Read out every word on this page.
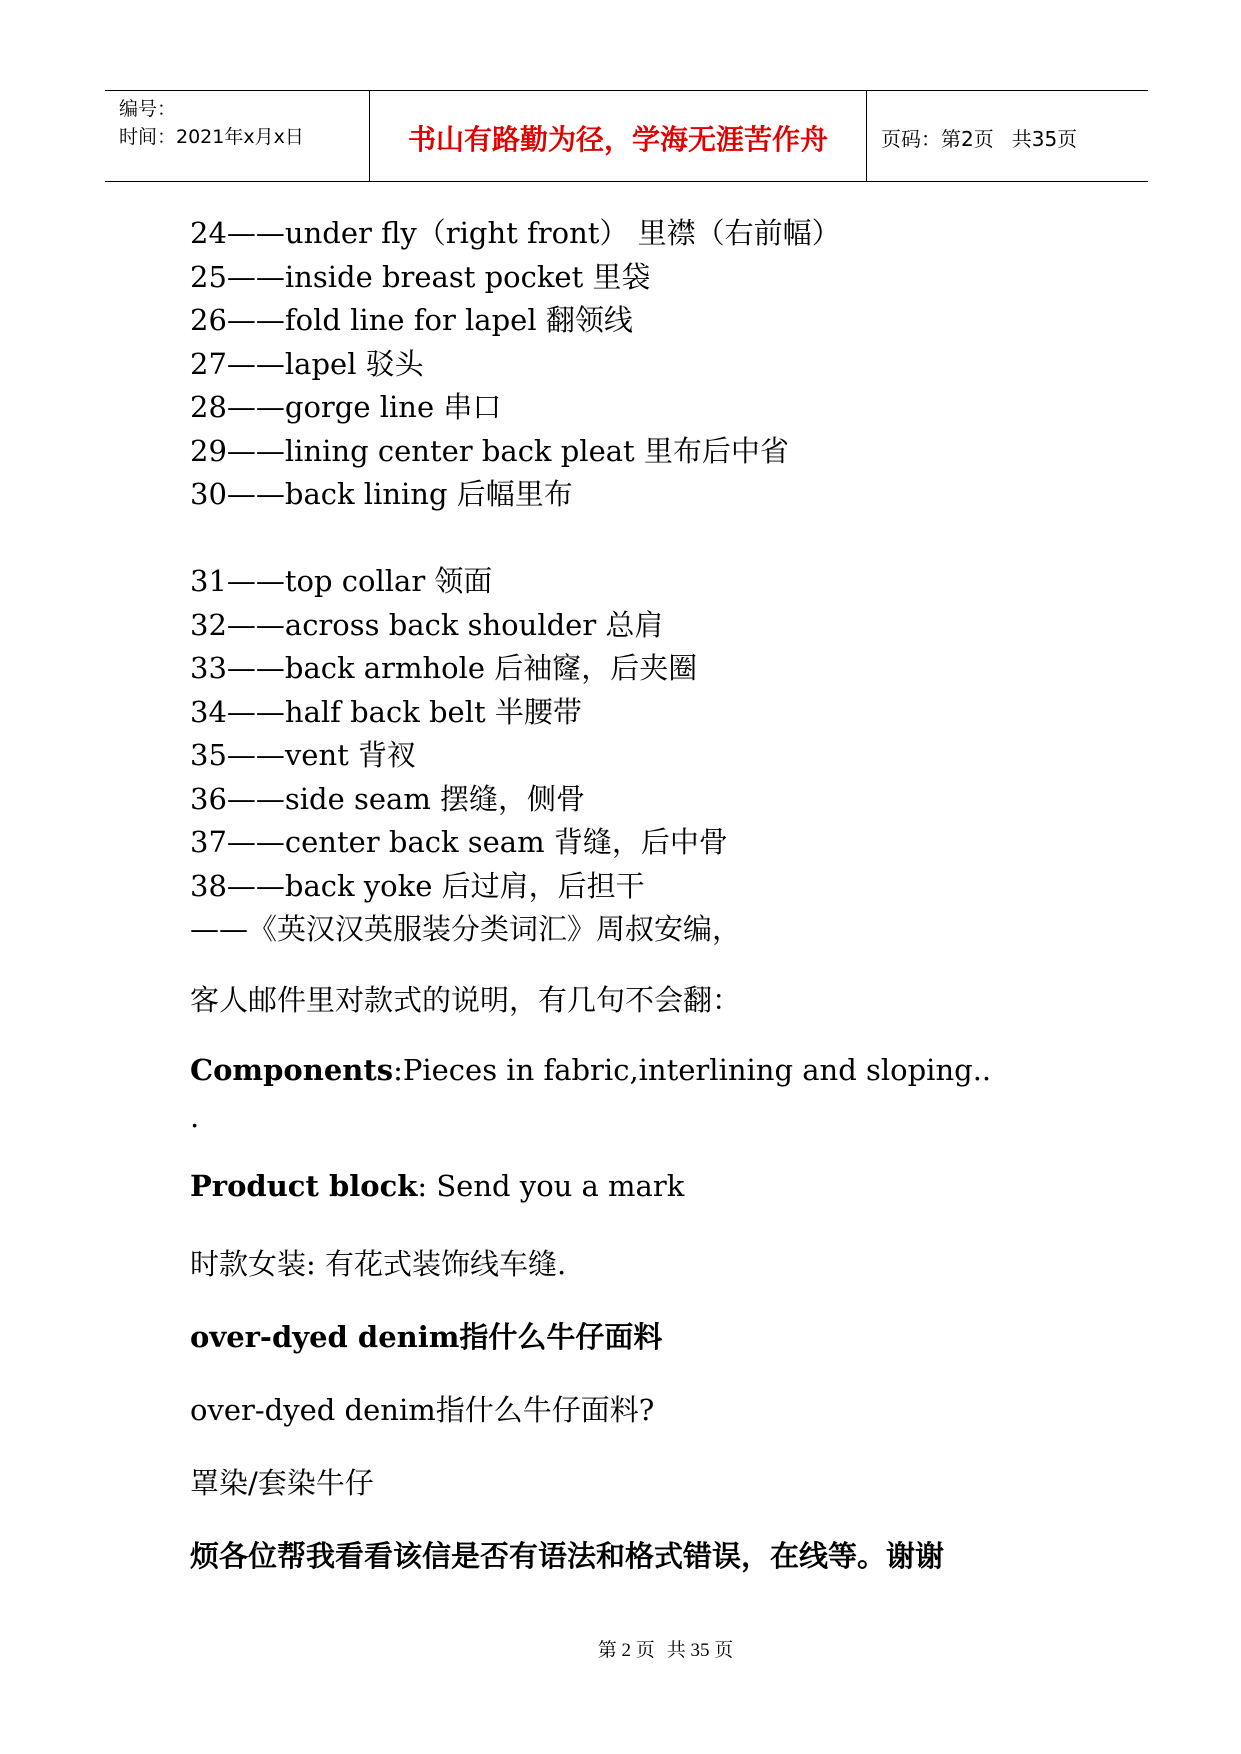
编号：
时间：2021年x月x日	书山有路勤为径，学海无涯苦作舟	页码：第2页 共35页
24——under fly（right front） 里襟（右前幅）
25——inside breast pocket 里袋
26——fold line for lapel 翻领线
27——lapel 驳头
28——gorge line 串口
29——lining center back pleat 里布后中省
30——back lining 后幅里布
31——top collar 领面
32——across back shoulder 总肩
33——back armhole 后袖窿，后夹圈
34——half back belt 半腰带
35——vent 背衩
36——side seam 摆缝，侧骨
37——center back seam 背缝，后中骨
38——back yoke 后过肩，后担干
——《英汉汉英服装分类词汇》周叔安编，
客人邮件里对款式的说明，有几句不会翻：
Components:Pieces in fabric,interlining and sloping..
.
Product block: Send you a mark
时款女装: 有花式装饰线车缝.
over-dyed denim指什么牛仔面料
over-dyed denim指什么牛仔面料?
罩染/套染牛仔
烦各位帮我看看该信是否有语法和格式错误，在线等。谢谢
第 2 页 共 35 页
